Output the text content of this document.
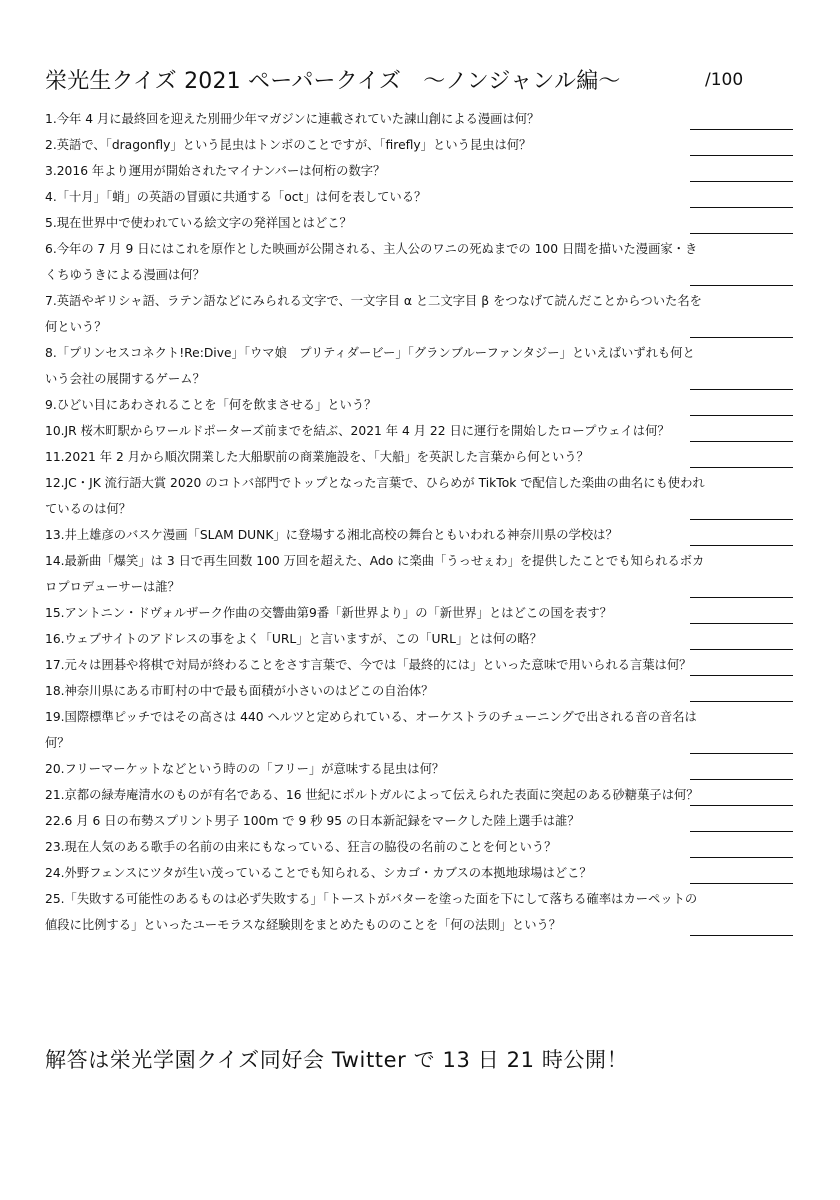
栄光生クイズ 2021 ペーパークイズ　～ノンジャンル編～	/100
1.今年 4 月に最終回を迎えた別冊少年マガジンに連載されていた諫山創による漫画は何？
2.英語で、「dragonfly」という昆虫はトンボのことですが、「firefly」という昆虫は何？
3.2016 年より運用が開始されたマイナンバーは何桁の数字？
4.「十月」「蛸」の英語の冒頭に共通する「oct」は何を表している？
5.現在世界中で使われている絵文字の発祥国とはどこ？
6.今年の 7 月 9 日にはこれを原作とした映画が公開される、主人公のワニの死ぬまでの 100 日間を描いた漫画家・きくちゆうきによる漫画は何？
7.英語やギリシャ語、ラテン語などにみられる文字で、一文字目 α と二文字目 β をつなげて読んだことからついた名を何という？
8.「プリンセスコネクト!Re:Dive」「ウマ娘　プリティダービー」「グランブルーファンタジー」といえばいずれも何という会社の展開するゲーム？
9.ひどい目にあわされることを「何を飲まさせる」という？
10.JR 桜木町駅からワールドポーターズ前までを結ぶ、2021 年 4 月 22 日に運行を開始したロープウェイは何？
11.2021 年 2 月から順次開業した大船駅前の商業施設を、「大船」を英訳した言葉から何という？
12.JC・JK 流行語大賞 2020 のコトバ部門でトップとなった言葉で、ひらめが TikTok で配信した楽曲の曲名にも使われているのは何？
13.井上雄彦のバスケ漫画「SLAM DUNK」に登場する湘北高校の舞台ともいわれる神奈川県の学校は？
14.最新曲「爆笑」は 3 日で再生回数 100 万回を超えた、Ado に楽曲「うっせぇわ」を提供したことでも知られるボカロプロデューサーは誰？
15.アントニン・ドヴォルザーク作曲の交響曲第9番「新世界より」の「新世界」とはどこの国を表す？
16.ウェブサイトのアドレスの事をよく「URL」と言いますが、この「URL」とは何の略？
17.元々は囲碁や将棋で対局が終わることをさす言葉で、今では「最終的には」といった意味で用いられる言葉は何？
18.神奈川県にある市町村の中で最も面積が小さいのはどこの自治体？
19.国際標準ピッチではその高さは 440 ヘルツと定められている、オーケストラのチューニングで出される音の音名は何？
20.フリーマーケットなどという時のの「フリー」が意味する昆虫は何？
21.京都の緑寿庵清水のものが有名である、16 世紀にポルトガルによって伝えられた表面に突起のある砂糖菓子は何？
22.6 月 6 日の布勢スプリント男子 100m で 9 秒 95 の日本新記録をマークした陸上選手は誰？
23.現在人気のある歌手の名前の由来にもなっている、狂言の脇役の名前のことを何という？
24.外野フェンスにツタが生い茂っていることでも知られる、シカゴ・カブスの本拠地球場はどこ？
25.「失敗する可能性のあるものは必ず失敗する」「トーストがバターを塗った面を下にして落ちる確率はカーペットの値段に比例する」といったユーモラスな経験則をまとめたもののことを「何の法則」という？
解答は栄光学園クイズ同好会 Twitter で 13 日 21 時公開！
